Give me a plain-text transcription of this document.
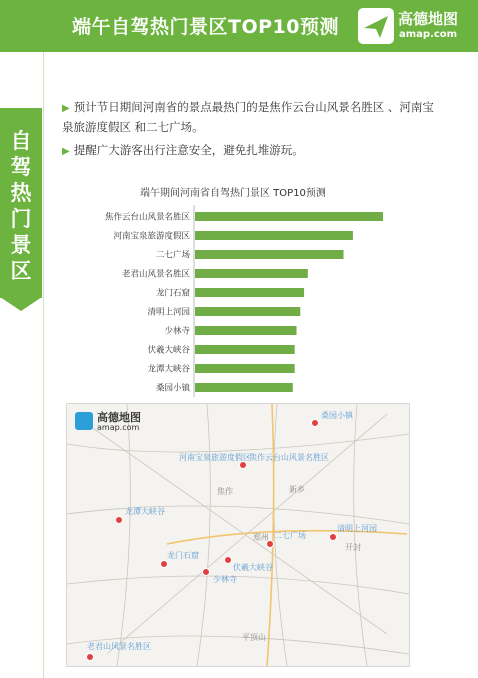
端午自驾热门景区TOP10预测	高德地图
amap.com
自驾热门景区
▶ 预计节日期间河南省的景点最热门的是焦作云台山风景名胜区 、河南宝泉旅游度假区 和二七广场。
▶ 提醒广大游客出行注意安全，避免扎堆游玩。
端午期间河南省自驾热门景区 TOP10预测
焦作云台山风景名胜区
河南宝泉旅游度假区
二七广场
老君山风景名胜区
龙门石窟
清明上河园
少林寺
伏羲大峡谷
龙潭大峡谷
桑园小镇
高德地图
amap.com
桑园小镇
河南宝泉旅游度假区
焦作云台山风景名胜区
龙潭大峡谷
二七广场
清明上河园
龙门石窟
伏羲大峡谷
少林寺
老君山风景名胜区
焦作
郑州
开封
新乡
平顶山
